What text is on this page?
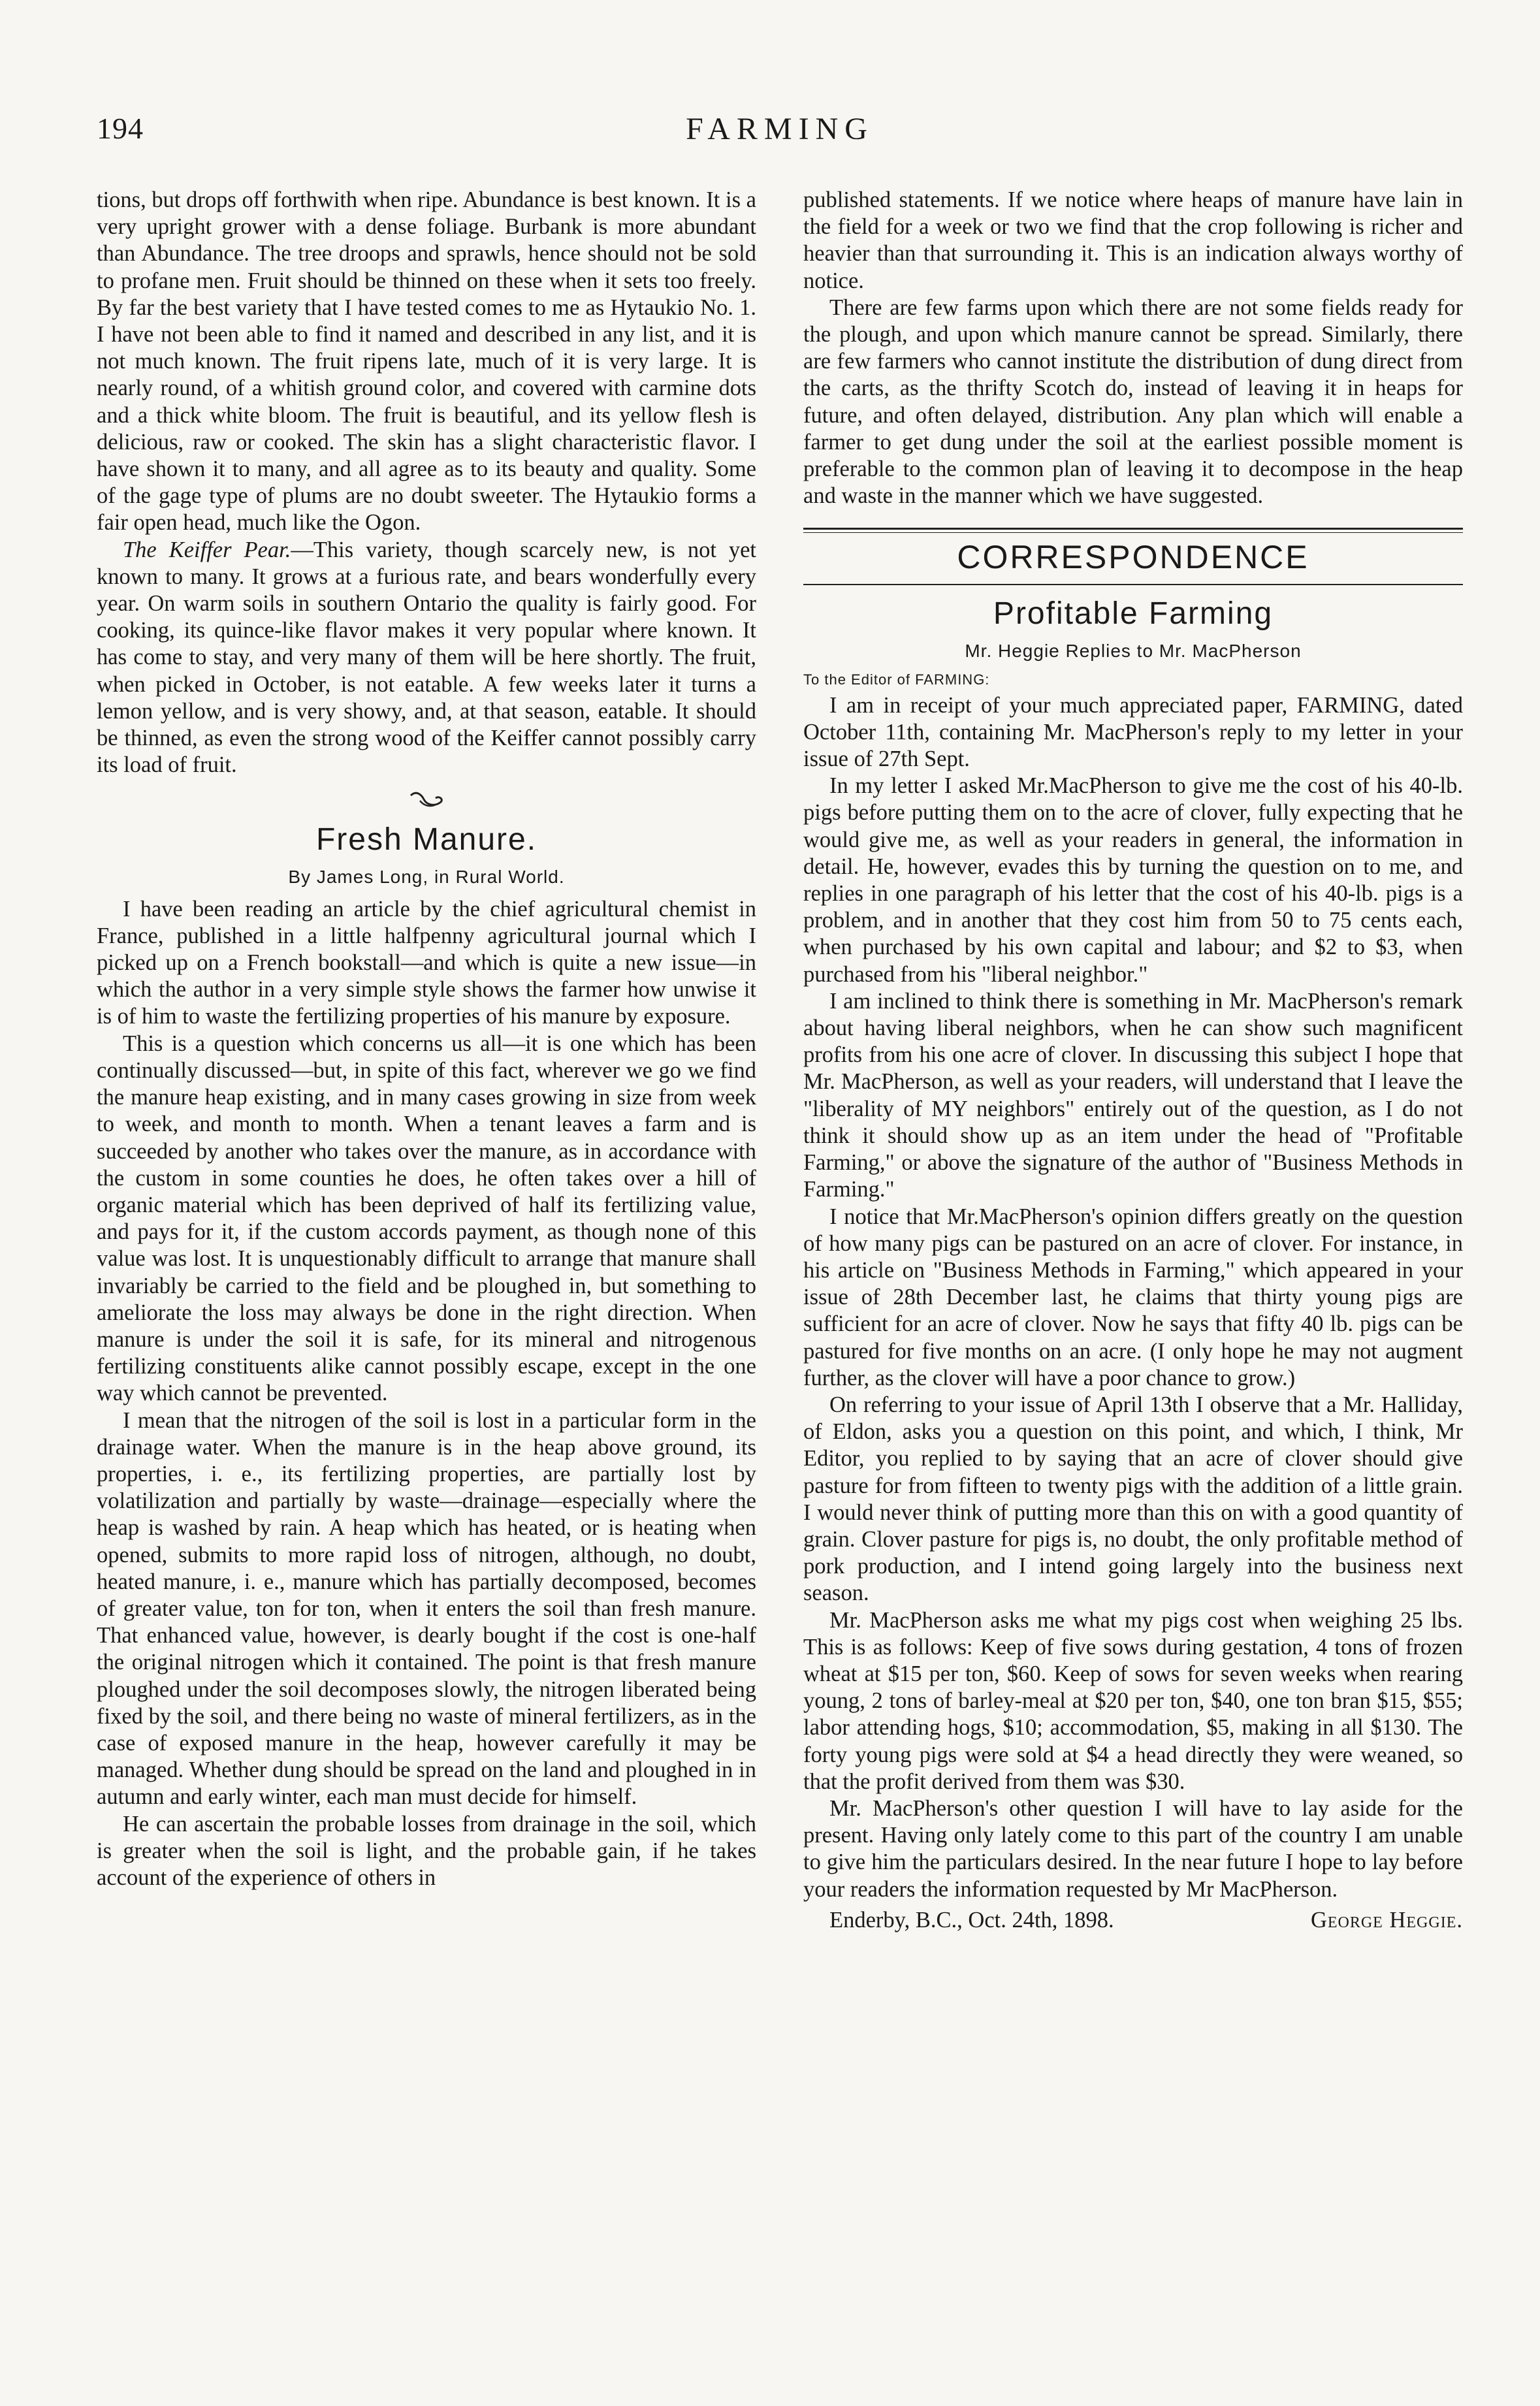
194	FARMING

tions, but drops off forthwith when ripe. Abundance is best known. It is a very upright grower with a dense foliage. Burbank is more abundant than Abundance. The tree droops and sprawls, hence should not be sold to profane men. Fruit should be thinned on these when it sets too freely. By far the best variety that I have tested comes to me as Hytaukio No. 1. I have not been able to find it named and described in any list, and it is not much known. The fruit ripens late, much of it is very large. It is nearly round, of a whitish ground color, and covered with carmine dots and a thick white bloom. The fruit is beautiful, and its yellow flesh is delicious, raw or cooked. The skin has a slight characteristic flavor. I have shown it to many, and all agree as to its beauty and quality. Some of the gage type of plums are no doubt sweeter. The Hytaukio forms a fair open head, much like the Ogon.

The Keiffer Pear.—This variety, though scarcely new, is not yet known to many. It grows at a furious rate, and bears wonderfully every year. On warm soils in southern Ontario the quality is fairly good. For cooking, its quince-like flavor makes it very popular where known. It has come to stay, and very many of them will be here shortly. The fruit, when picked in October, is not eatable. A few weeks later it turns a lemon yellow, and is very showy, and, at that season, eatable. It should be thinned, as even the strong wood of the Keiffer cannot possibly carry its load of fruit.

Fresh Manure.
By James Long, in Rural World.

I have been reading an article by the chief agricultural chemist in France, published in a little halfpenny agricultural journal which I picked up on a French bookstall—and which is quite a new issue—in which the author in a very simple style shows the farmer how unwise it is of him to waste the fertilizing properties of his manure by exposure.

This is a question which concerns us all—it is one which has been continually discussed—but, in spite of this fact, wherever we go we find the manure heap existing, and in many cases growing in size from week to week, and month to month. When a tenant leaves a farm and is succeeded by another who takes over the manure, as in accordance with the custom in some counties he does, he often takes over a hill of organic material which has been deprived of half its fertilizing value, and pays for it, if the custom accords payment, as though none of this value was lost. It is unquestionably difficult to arrange that manure shall invariably be carried to the field and be ploughed in, but something to ameliorate the loss may always be done in the right direction. When manure is under the soil it is safe, for its mineral and nitrogenous fertilizing constituents alike cannot possibly escape, except in the one way which cannot be prevented.

I mean that the nitrogen of the soil is lost in a particular form in the drainage water. When the manure is in the heap above ground, its properties, i. e., its fertilizing properties, are partially lost by volatilization and partially by waste—drainage—especially where the heap is washed by rain. A heap which has heated, or is heating when opened, submits to more rapid loss of nitrogen, although, no doubt, heated manure, i. e., manure which has partially decomposed, becomes of greater value, ton for ton, when it enters the soil than fresh manure. That enhanced value, however, is dearly bought if the cost is one-half the original nitrogen which it contained. The point is that fresh manure ploughed under the soil decomposes slowly, the nitrogen liberated being fixed by the soil, and there being no waste of mineral fertilizers, as in the case of exposed manure in the heap, however carefully it may be managed. Whether dung should be spread on the land and ploughed in in autumn and early winter, each man must decide for himself.

He can ascertain the probable losses from drainage in the soil, which is greater when the soil is light, and the probable gain, if he takes account of the experience of others in

published statements. If we notice where heaps of manure have lain in the field for a week or two we find that the crop following is richer and heavier than that surrounding it. This is an indication always worthy of notice.

There are few farms upon which there are not some fields ready for the plough, and upon which manure cannot be spread. Similarly, there are few farmers who cannot institute the distribution of dung direct from the carts, as the thrifty Scotch do, instead of leaving it in heaps for future, and often delayed, distribution. Any plan which will enable a farmer to get dung under the soil at the earliest possible moment is preferable to the common plan of leaving it to decompose in the heap and waste in the manner which we have suggested.

CORRESPONDENCE
Profitable Farming
Mr. Heggie Replies to Mr. MacPherson
To the Editor of FARMING:

I am in receipt of your much appreciated paper, FARMING, dated October 11th, containing Mr. MacPherson's reply to my letter in your issue of 27th Sept.

In my letter I asked Mr.MacPherson to give me the cost of his 40-lb. pigs before putting them on to the acre of clover, fully expecting that he would give me, as well as your readers in general, the information in detail. He, however, evades this by turning the question on to me, and replies in one paragraph of his letter that the cost of his 40-lb. pigs is a problem, and in another that they cost him from 50 to 75 cents each, when purchased by his own capital and labour; and $2 to $3, when purchased from his "liberal neighbor."

I am inclined to think there is something in Mr. MacPherson's remark about having liberal neighbors, when he can show such magnificent profits from his one acre of clover. In discussing this subject I hope that Mr. MacPherson, as well as your readers, will understand that I leave the "liberality of MY neighbors" entirely out of the question, as I do not think it should show up as an item under the head of "Profitable Farming," or above the signature of the author of "Business Methods in Farming."

I notice that Mr.MacPherson's opinion differs greatly on the question of how many pigs can be pastured on an acre of clover. For instance, in his article on "Business Methods in Farming," which appeared in your issue of 28th December last, he claims that thirty young pigs are sufficient for an acre of clover. Now he says that fifty 40 lb. pigs can be pastured for five months on an acre. (I only hope he may not augment further, as the clover will have a poor chance to grow.)

On referring to your issue of April 13th I observe that a Mr. Halliday, of Eldon, asks you a question on this point, and which, I think, Mr Editor, you replied to by saying that an acre of clover should give pasture for from fifteen to twenty pigs with the addition of a little grain. I would never think of putting more than this on with a good quantity of grain. Clover pasture for pigs is, no doubt, the only profitable method of pork production, and I intend going largely into the business next season.

Mr. MacPherson asks me what my pigs cost when weighing 25 lbs. This is as follows: Keep of five sows during gestation, 4 tons of frozen wheat at $15 per ton, $60. Keep of sows for seven weeks when rearing young, 2 tons of barley-meal at $20 per ton, $40, one ton bran $15, $55; labor attending hogs, $10; accommodation, $5, making in all $130. The forty young pigs were sold at $4 a head directly they were weaned, so that the profit derived from them was $30.

Mr. MacPherson's other question I will have to lay aside for the present. Having only lately come to this part of the country I am unable to give him the particulars desired. In the near future I hope to lay before your readers the information requested by Mr MacPherson.

Enderby, B.C., Oct. 24th, 1898.	George Heggie.
